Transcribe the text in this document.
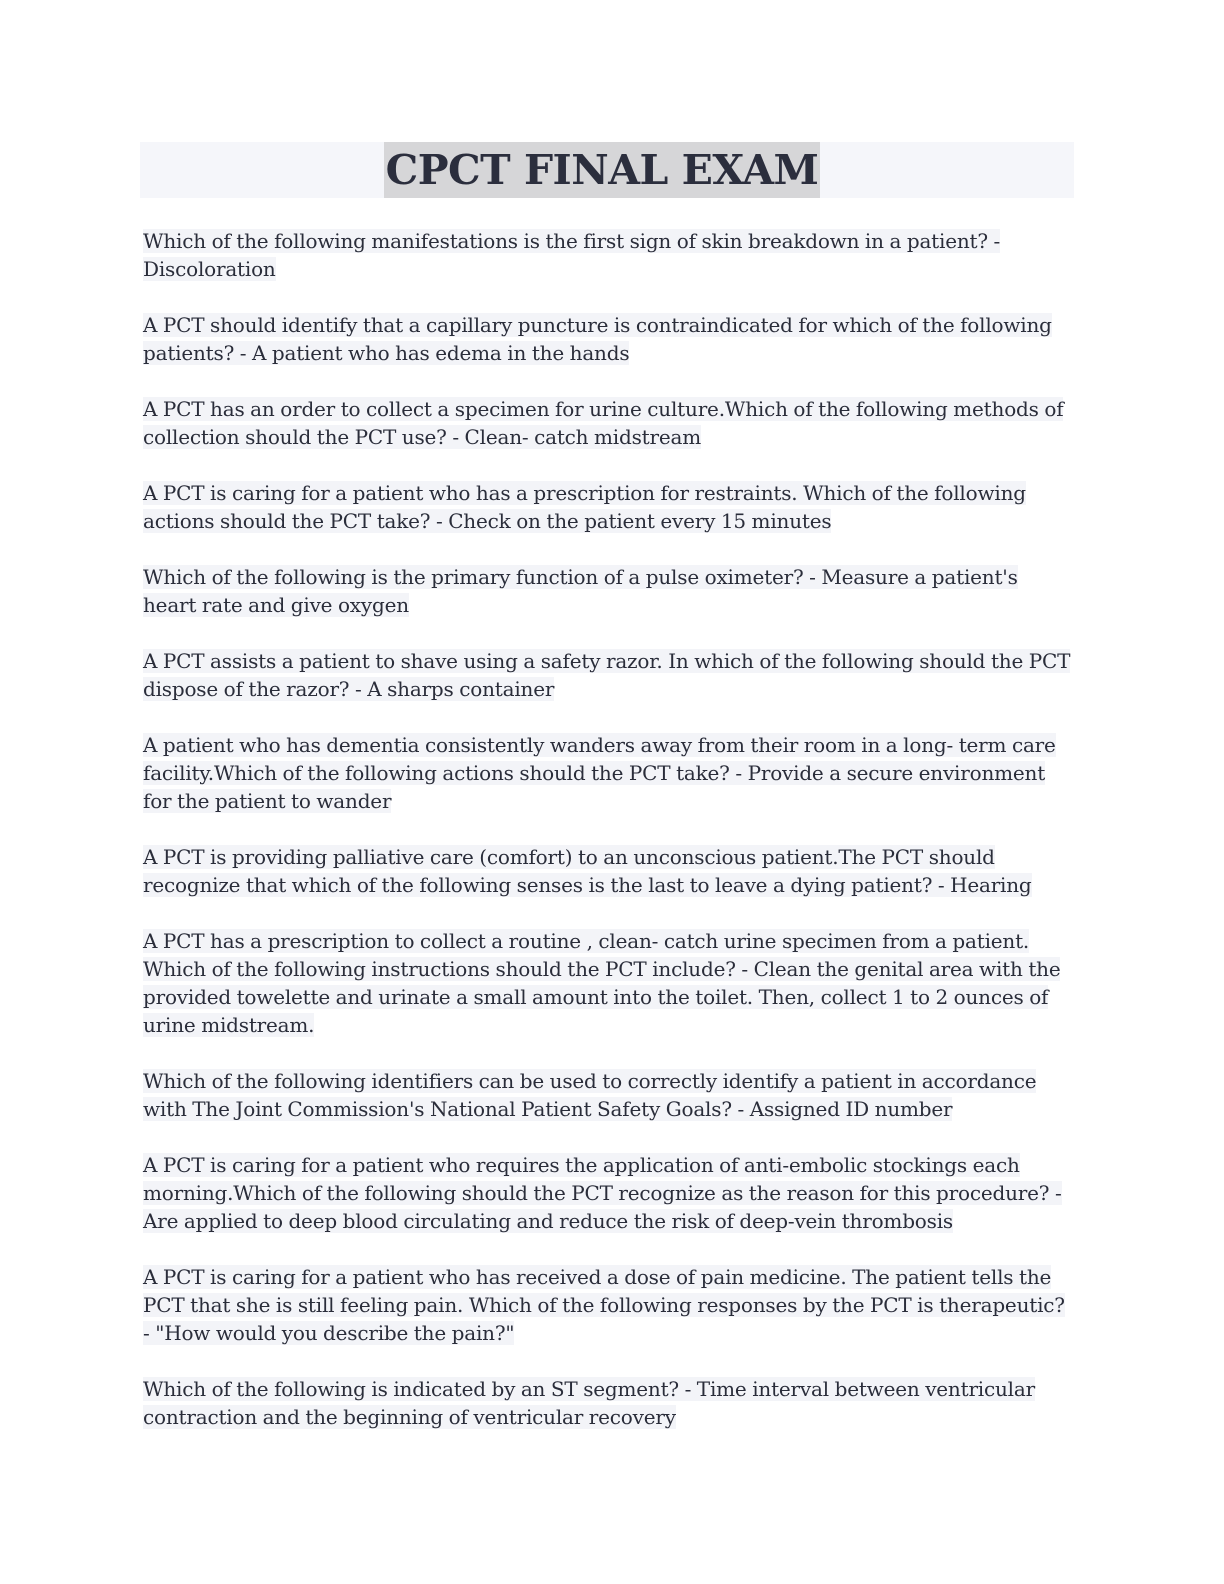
CPCT FINAL EXAM

Which of the following manifestations is the first sign of skin breakdown in a patient? - Discoloration

A PCT should identify that a capillary puncture is contraindicated for which of the following patients? - A patient who has edema in the hands

A PCT has an order to collect a specimen for urine culture.Which of the following methods of collection should the PCT use? - Clean- catch midstream

A PCT is caring for a patient who has a prescription for restraints. Which of the following actions should the PCT take? - Check on the patient every 15 minutes

Which of the following is the primary function of a pulse oximeter? - Measure a patient's heart rate and give oxygen

A PCT assists a patient to shave using a safety razor. In which of the following should the PCT dispose of the razor? - A sharps container

A patient who has dementia consistently wanders away from their room in a long- term care facility.Which of the following actions should the PCT take? - Provide a secure environment for the patient to wander

A PCT is providing palliative care (comfort) to an unconscious patient.The PCT should recognize that which of the following senses is the last to leave a dying patient? - Hearing

A PCT has a prescription to collect a routine , clean- catch urine specimen from a patient. Which of the following instructions should the PCT include? - Clean the genital area with the provided towelette and urinate a small amount into the toilet. Then, collect 1 to 2 ounces of urine midstream.

Which of the following identifiers can be used to correctly identify a patient in accordance with The Joint Commission's National Patient Safety Goals? - Assigned ID number

A PCT is caring for a patient who requires the application of anti-embolic stockings each morning.Which of the following should the PCT recognize as the reason for this procedure? - Are applied to deep blood circulating and reduce the risk of deep-vein thrombosis

A PCT is caring for a patient who has received a dose of pain medicine. The patient tells the PCT that she is still feeling pain. Which of the following responses by the PCT is therapeutic? - "How would you describe the pain?"

Which of the following is indicated by an ST segment? - Time interval between ventricular contraction and the beginning of ventricular recovery
